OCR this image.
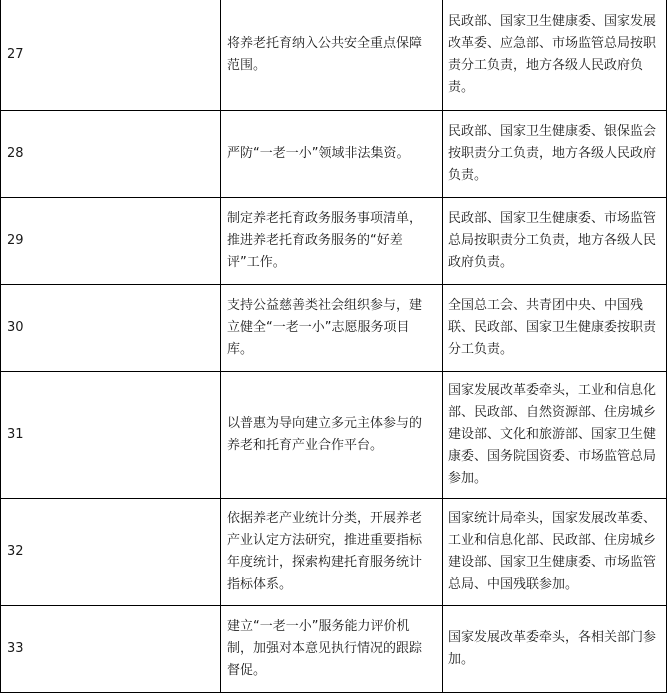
27	将养老托育纳入公共安全重点保障范围。	民政部、国家卫生健康委、国家发展改革委、应急部、市场监管总局按职责分工负责，地方各级人民政府负责。
28	严防“一老一小”领域非法集资。	民政部、国家卫生健康委、银保监会按职责分工负责，地方各级人民政府负责。
29	制定养老托育政务服务事项清单，推进养老托育政务服务的“好差评”工作。	民政部、国家卫生健康委、市场监管总局按职责分工负责，地方各级人民政府负责。
30	支持公益慈善类社会组织参与，建立健全“一老一小”志愿服务项目库。	全国总工会、共青团中央、中国残联、民政部、国家卫生健康委按职责分工负责。
31	以普惠为导向建立多元主体参与的养老和托育产业合作平台。	国家发展改革委牵头，工业和信息化部、民政部、自然资源部、住房城乡建设部、文化和旅游部、国家卫生健康委、国务院国资委、市场监管总局参加。
32	依据养老产业统计分类，开展养老产业认定方法研究，推进重要指标年度统计，探索构建托育服务统计指标体系。	国家统计局牵头，国家发展改革委、工业和信息化部、民政部、住房城乡建设部、国家卫生健康委、市场监管总局、中国残联参加。
33	建立“一老一小”服务能力评价机制，加强对本意见执行情况的跟踪督促。	国家发展改革委牵头，各相关部门参加。
